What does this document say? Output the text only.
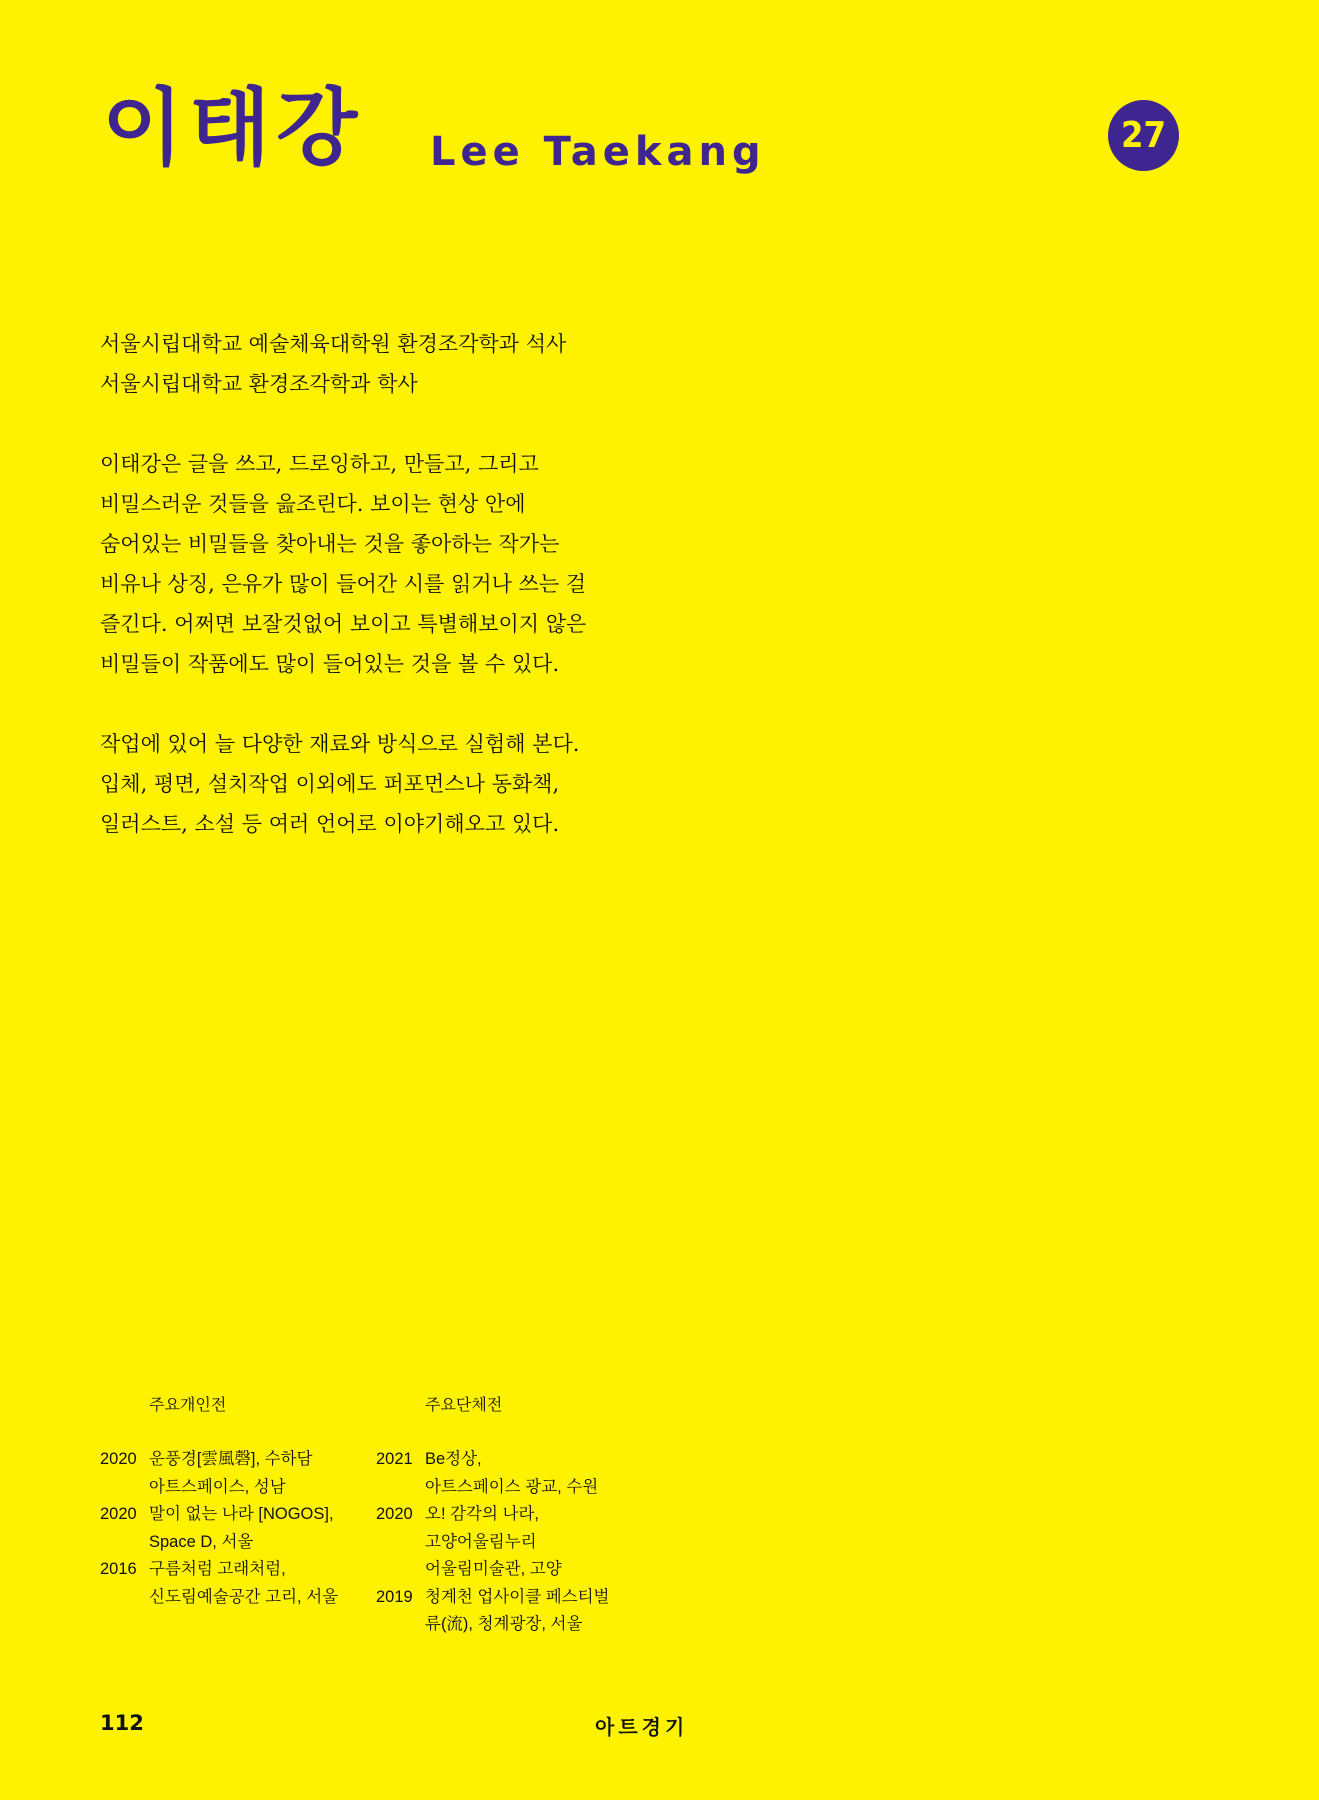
이태강 Lee Taekang	27
서울시립대학교 예술체육대학원 환경조각학과 석사
서울시립대학교 환경조각학과 학사
이태강은 글을 쓰고, 드로잉하고, 만들고, 그리고
비밀스러운 것들을 읊조린다. 보이는 현상 안에
숨어있는 비밀들을 찾아내는 것을 좋아하는 작가는
비유나 상징, 은유가 많이 들어간 시를 읽거나 쓰는 걸
즐긴다. 어쩌면 보잘것없어 보이고 특별해보이지 않은
비밀들이 작품에도 많이 들어있는 것을 볼 수 있다.
작업에 있어 늘 다양한 재료와 방식으로 실험해 본다.
입체, 평면, 설치작업 이외에도 퍼포먼스나 동화책,
일러스트, 소설 등 여러 언어로 이야기해오고 있다.
주요개인전	주요단체전
2020 운풍경[雲風磬], 수하담
아트스페이스, 성남
2020 말이 없는 나라 [NOGOS],
Space D, 서울
2016 구름처럼 고래처럼,
신도림예술공간 고리, 서울
2021 Be정상,
아트스페이스 광교, 수원
2020 오! 감각의 나라,
고양어울림누리
어울림미술관, 고양
2019 청계천 업사이클 페스티벌
류(流), 청계광장, 서울
112	아트경기
